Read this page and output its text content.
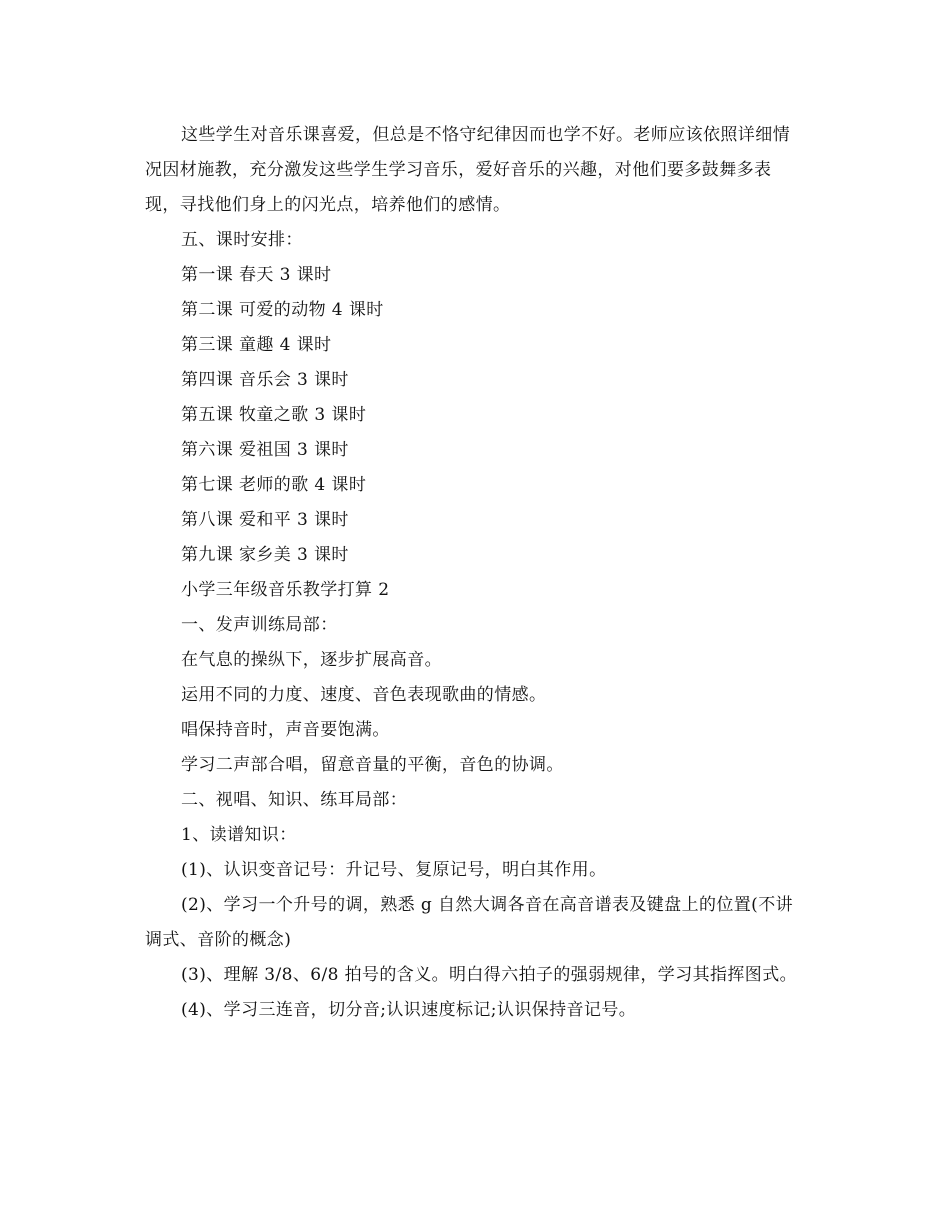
这些学生对音乐课喜爱，但总是不恪守纪律因而也学不好。老师应该依照详细情况因材施教，充分激发这些学生学习音乐，爱好音乐的兴趣，对他们要多鼓舞多表现，寻找他们身上的闪光点，培养他们的感情。

五、课时安排：

第一课 春天 3 课时

第二课 可爱的动物 4 课时

第三课 童趣 4 课时

第四课 音乐会 3 课时

第五课 牧童之歌 3 课时

第六课 爱祖国 3 课时

第七课 老师的歌 4 课时

第八课 爱和平 3 课时

第九课 家乡美 3 课时

小学三年级音乐教学打算 2

一、发声训练局部：

在气息的操纵下，逐步扩展高音。

运用不同的力度、速度、音色表现歌曲的情感。

唱保持音时，声音要饱满。

学习二声部合唱，留意音量的平衡，音色的协调。

二、视唱、知识、练耳局部：

1、读谱知识：

(1)、认识变音记号：升记号、复原记号，明白其作用。

(2)、学习一个升号的调，熟悉 g 自然大调各音在高音谱表及键盘上的位置(不讲调式、音阶的概念)

(3)、理解 3/8、6/8 拍号的含义。明白得六拍子的强弱规律，学习其指挥图式。

(4)、学习三连音，切分音;认识速度标记;认识保持音记号。
